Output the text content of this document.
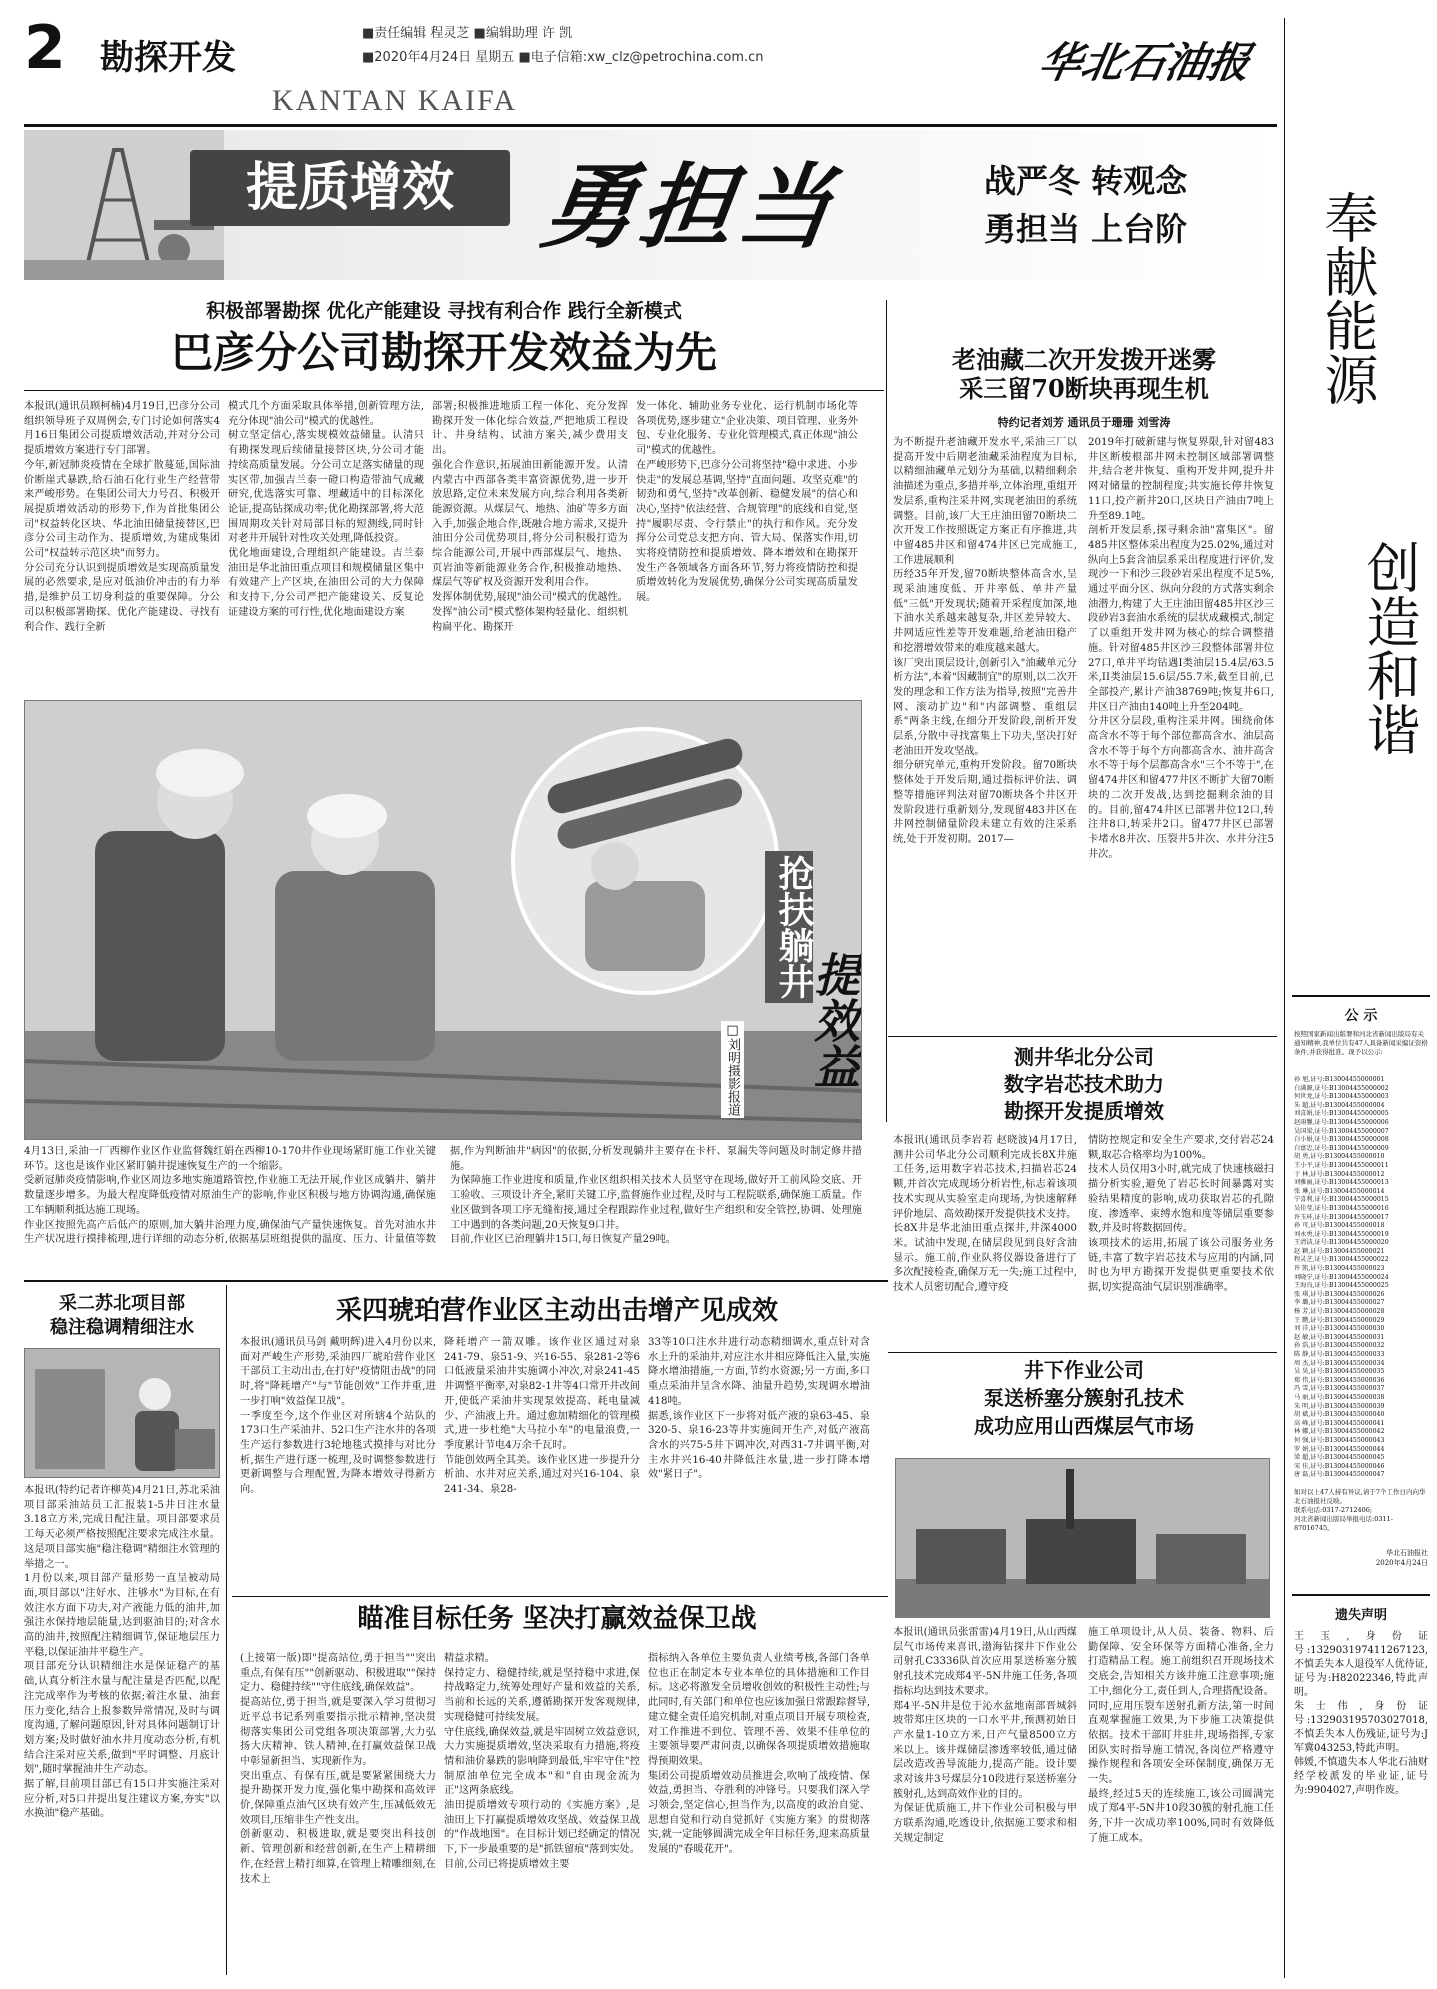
2 勘探开发
KANTAN KAIFA
■责任编辑 程灵芝 ■编辑助理 许 凯
■2020年4月24日 星期五 ■电子信箱:xw_clz@petrochina.com.cn	华北石油报
提质增效 勇担当	战严冬 转观念
勇担当 上台阶
积极部署勘探 优化产能建设 寻找有利合作 践行全新模式
巴彦分公司勘探开发效益为先
本报讯(通讯员顾柯楠)4月19日,巴彦分公司组织领导班子双周例会,专门讨论如何落实4月16日集团公司提质增效活动,并对分公司提质增效方案进行专门部署。
今年,新冠肺炎疫情在全球扩散蔓延,国际油价断崖式暴跌,给石油石化行业生产经营带来严峻形势。在集团公司大力号召、积极开展提质增效活动的形势下,作为首批集团公司"权益转化区块、华北油田储量接替区,巴彦分公司主动作为、提质增效,为建成集团公司"权益转示范区块"而努力。
分公司充分认识到提质增效是实现高质量发展的必然要求,是应对低油价冲击的有力举措,是维护员工切身利益的重要保障。分公司以积极部署勘探、优化产能建设、寻找有利合作、践行全新
模式几个方面采取具体举措,创新管理方法,充分体现"油公司"模式的优越性。
树立坚定信心,落实规模效益储量。认清只有勘探发现后续储量接替区块,分公司才能持续高质量发展。分公司立足落实储量的现实区带,加强吉兰泰一磴口构造带油气成藏研究,优选落实可靠、埋藏适中的目标深化论证,提高钻探成功率;优化勘探部署,将大范围周期攻关针对局部目标的短测线,同时针对老井开展针对性攻关处理,降低投资。
优化地面建设,合理组织产能建设。吉兰泰油田是华北油田重点项目和规模储量区集中有效建产上产区块,在油田公司的大力保障和支持下,分公司严把产能建设关、反复论证建设方案的可行性,优化地面建设方案
部署;积极推进地质工程一体化、充分发挥勘探开发一体化综合效益,严把地质工程设计、井身结构、试油方案关,减少费用支出。
强化合作意识,拓展油田新能源开发。认清内蒙古中西部各类丰富资源优势,进一步开放思路,定位未来发展方向,综合利用各类新能源资源。从煤层气、地热、油矿等多方面入手,加强企地合作,既融合地方需求,又提升油田分公司优势项目,将分公司积极打造为综合能源公司,开展中西部煤层气、地热、页岩油等新能源业务合作,积极推动地热、煤层气等矿权及资源开发利用合作。
发挥体制优势,展现"油公司"模式的优越性。发挥"油公司"模式整体架构轻量化、组织机构扁平化、勘探开
发一体化、辅助业务专业化、运行机制市场化等各项优势,逐步建立"企业决策、项目管理、业务外包、专业化服务、专业化管理模式,真正体现"油公司"模式的优越性。
在严峻形势下,巴彦分公司将坚持"稳中求进、小步快走"的发展总基调,坚持"直面问题、攻坚克难"的韧劲和勇气,坚持"改革创新、稳健发展"的信心和决心,坚持"依法经营、合规管理"的底线和自觉,坚持"履职尽责、令行禁止"的执行和作风。充分发挥分公司党总支把方向、管大局、保落实作用,切实将疫情防控和提质增效、降本增效和在勘探开发生产各领域各方面各环节,努力将疫情防控和提质增效转化为发展优势,确保分公司实现高质量发展。
老油藏二次开发拨开迷雾
采三留70断块再现生机
特约记者刘芳 通讯员于珊珊 刘雪涛
为不断提升老油藏开发水平,采油三厂以提高开发中后期老油藏采油程度为目标,以精细油藏单元划分为基础,以精细剩余油描述为重点,多措并举,立体治理,重组开发层系,重构注采井网,实现老油田的系统调整。目前,该厂大王庄油田留70断块二次开发工作按照既定方案正有序推进,共中留485井区和留474井区已完成施工,工作进展顺利
历经35年开发,留70断块整体高含水,呈现采油速度低、开井率低、单井产量低"三低"开发现状;随着开采程度加深,地下油水关系越来越复杂,井区差异较大、井网适应性差等开发难题,给老油田稳产和挖潜增效带来的难度越来越大。
该厂突出顶层设计,创新引入"油藏单元分析方法",本着"因藏制宜"的原则,以二次开发的理念和工作方法为指导,按照"完善井网、滚动扩边"和"内部调整、重组层系"两条主线,在细分开发阶段,剖析开发层系,分散中寻找富集上下功夫,坚决打好老油田开发攻坚战。
细分研究单元,重构开发阶段。留70断块整体处于开发后期,通过指标评价法、调整等措施评判法对留70断块各个井区开发阶段进行重新划分,发现留483井区在井网控制储量阶段未建立有效的注采系统,处于开发初期。2017—
2019年打破新建与恢复界限,针对留483井区断梭根部井网未控制区域部署调整井,结合老井恢复、重构开发井网,提升井网对储量的控制程度;共实施长停井恢复11口,投产新井20口,区块日产油由7吨上升至89.1吨。
剖析开发层系,探寻剩余油"富集区"。留485井区整体采出程度为25.02%,通过对纵向上5套含油层系采出程度进行评价,发现沙一下和沙三段砂岩采出程度不足5%,通过平面分区、纵向分段的方式落实剩余油潜力,构建了大王庄油田留485井区沙三段砂岩3套油水系统的层状成藏模式,制定了以重组开发井网为核心的综合调整措施。针对留485井区沙三段整体部署井位27口,单井平均钻遇I类油层15.4层/63.5米,II类油层15.6层/55.7米,截至目前,已全部投产,累计产油38769吨;恢复井6口,井区日产油由140吨上升至204吨。
分井区分层段,重构注采井网。围绕俞体高含水不等于每个部位都高含水、油层高含水不等于每个方向都高含水、油井高含水不等于每个层都高含水"三个不等于",在留474井区和留477井区不断扩大留70断块的二次开发战,达到挖掘剩余油的目的。目前,留474井区已部署井位12口,转注井8口,转采井2口。留477井区已部署卡堵水8井次、压裂井5井次、水井分注5井次。
抢扶躺井
提效益
□刘明摄影报道
4月13日,采油一厂西柳作业区作业监督魏红娟在西柳10-170井作业现场紧盯施工作业关键环节。这也是该作业区紧盯躺井提速恢复生产的一个缩影。
受新冠肺炎疫情影响,作业区周边多地实施道路管控,作业施工无法开展,作业区成躺井、躺井数量逐步增多。为最大程度降低疫情对原油生产的影响,作业区积极与地方协调沟通,确保施工车辆顺利抵达施工现场。
作业区按照先高产后低产的原则,加大躺井治理力度,确保油气产量快速恢复。首先对油水井生产状况进行摸排梳理,进行详细的动态分析,依据基层班组提供的温度、压力、计量值等数据,作为判断油井"病因"的依据,分析发现躺井主要存在卡杆、泵漏失等问题及时制定修井措施。
为保障施工作业进度和质量,作业区组织相关技术人员坚守在现场,做好开工前风险交底、开工验收、三项设计齐全,紧盯关键工序,监督施作业过程,及时与工程院联系,确保施工质量。作业区做到各项工序无缝衔接,通过全程跟踪作业过程,做好生产组织和安全管控,协调、处理施工中遇到的各类问题,20天恢复9口井。
目前,作业区已治理躺井15口,每日恢复产量29吨。
测井华北分公司
数字岩芯技术助力
勘探开发提质增效
本报讯(通讯员李岩若 赵晓波)4月17日,测井公司华北分公司顺利完成长8X井施工任务,运用数字岩芯技术,扫描岩芯24颗,并首次完成现场分析岩性,标志着该项技术实现从实验室走向现场,为快速解释评价地层、高效勘探开发提供技术支持。
长8X井是华北油田重点探井,井深4000米。试油中发现,在储层段见到良好含油显示。施工前,作业队将仪器设备进行了多次配接检查,确保万无一失;施工过程中,技术人员密切配合,遵守疫
情防控规定和安全生产要求,交付岩芯24颗,取芯合格率均为100%。
技术人员仅用3小时,就完成了快速核磁扫描分析实验,避免了岩芯长时间暴露对实验结果精度的影响,成功获取岩芯的孔隙度、渗透率、束缚水饱和度等储层重要参数,并及时将数据回传。
该项技术的运用,拓展了该公司服务业务链,丰富了数字岩芯技术与应用的内涵,同时也为甲方勘探开发提供更重要技术依据,切实提高油气层识别准确率。
采二苏北项目部
稳注稳调精细注水
本报讯(特约记者许柳英)4月21日,苏北采油项目部采油站员工汇报装1-5井日注水量3.18立方米,完成日配注量。项目部要求员工每天必须严格按照配注要求完成注水量。这是项目部实施"稳注稳调"精细注水管理的举措之一。
1月份以来,项目部产量形势一直呈被动局面,项目部以"注好水、注够水"为目标,在有效注水方面下功夫,对产液能力低的油井,加强注水保持地层能量,达到驱油目的;对含水高的油井,按照配注精细调节,保证地层压力平稳,以保证油井平稳生产。
项目部充分认识精细注水是保证稳产的基础,认真分析注水量与配注量是否匹配,以配注完成率作为考核的依据;着注水量、油套压力变化,结合上报参数异常情况,及时与调度沟通,了解问题原因,针对具体问题制订计划方案;及时做好油水井月度动态分析,有机结合注采对应关系,做到"平时调整、月底计划",随时掌握油井生产动态。
据了解,目前项目部已有15口井实施注采对应分析,对5口井提出复注建议方案,夯实"以水换油"稳产基础。
采四琥珀营作业区主动出击增产见成效
本报讯(通讯员马剑 戴明辉)进入4月份以来,面对严峻生产形势,采油四厂琥珀营作业区干部员工主动出击,在打好"疫情阻击战"的同时,将"降耗增产"与"节能创效"工作并重,进一步打响"效益保卫战"。
一季度至今,这个作业区对所辖4个站队的173口生产采油井、52口生产注水井的各项生产运行参数进行3轮地毯式摸排与对比分析,据生产进行逐一梳理,及时调整参数进行更新调整与合理配置,为降本增效寻得新方向。
降耗增产一箭双雕。该作业区通过对泉241-79、泉51-9、兴16-55、泉281-2等6口低液量采油井实施调小冲次,对泉241-45井调整平衡率,对泉82-1井等4口常开井改间开,使低产采油井实现泵效提高、耗电量减少、产油液上升。通过愈加精细化的管理模式,进一步杜绝"大马拉小车"的电量浪费,一季度累计节电4万余千瓦时。
节能创效两全其美。该作业区进一步提升分析油、水井对应关系,通过对兴16-104、泉241-34、泉28-
33等10口注水井进行动态精细调水,重点针对含水上升的采油井,对应注水井相应降低注入量,实施降水增油措施,一方面,节约水资源;另一方面,多口重点采油井呈含水降、油量升趋势,实现调水增油418吨。
据悉,该作业区下一步将对低产液的泉63-45、泉320-5、泉16-23等井实施间开生产,对低产液高含水的兴75-5井下调冲次,对西31-7井调平衡,对主水井兴16-40井降低注水量,进一步打降本增效"紧日子"。
瞄准目标任务 坚决打赢效益保卫战
(上接第一版)即"提高站位,勇于担当""突出重点,有保有压""创新驱动、积极进取""保持定力、稳健持续""守住底线,确保效益"。
提高站位,勇于担当,就是要深入学习贯彻习近平总书记系列重要指示批示精神,坚决贯彻落实集团公司党组各项决策部署,大力弘扬大庆精神、铁人精神,在打赢效益保卫战中彰显新担当、实现新作为。
突出重点、有保有压,就是要紧紧围绕大力提升勘探开发力度,强化集中勘探和高效评价,保障重点油气区块有效产生,压减低效无效项目,压缩非生产性支出。
创新驱动、积极进取,就是要突出科技创新、管理创新和经营创新,在生产上精耕细作,在经营上精打细算,在管理上精雕细刻,在技术上
精益求精。
保持定力、稳健持续,就是坚持稳中求进,保持战略定力,统筹处理好产量和效益的关系,当前和长远的关系,遵循勘探开发客观规律,实现稳健可持续发展。
守住底线,确保效益,就是牢固树立效益意识,大力实施提质增效,坚决采取有力措施,将疫情和油价暴跌的影响降到最低,牢牢守住"控制原油单位完全成本"和"自由现金流为正"这两条底线。
油田提质增效专项行动的《实施方案》,是油田上下打赢提质增效攻坚战、效益保卫战的"作战地图"。在目标计划已经确定的情况下,下一步最重要的是"抓铁留痕"落到实处。
目前,公司已将提质增效主要
指标纳入各单位主要负责人业绩考核,各部门各单位也正在制定本专业本单位的具体措施和工作目标。这必将激发全员增收创效的积极性主动性;与此同时,有关部门和单位也应该加强日常跟踪督导,建立健全责任追究机制,对重点项目开展专项检查,对工作推进不到位、管理不善、效果不佳单位的主要领导要严肃问责,以确保各项提质增效措施取得预期效果。
集团公司提质增效动员推进会,吹响了战疫情、保效益,勇担当、夺胜利的冲锋号。只要我们深入学习领会,坚定信心,担当作为,以高度的政治自觉、思想自觉和行动自觉抓好《实施方案》的贯彻落实,就一定能够圆满完成全年目标任务,迎来高质量发展的"春暖花开"。
井下作业公司
泵送桥塞分簇射孔技术
成功应用山西煤层气市场
本报讯(通讯员张雷雷)4月19日,从山西煤层气市场传来喜讯,渤海钻探井下作业公司射孔C3336队首次应用泵送桥塞分簇射孔技术完成郑4平-5N井施工任务,各项指标均达到技术要求。
郑4平-5N井是位于沁水盆地南部晋城斜坡带郑庄区块的一口水平井,预测初始日产水量1-10立方米,日产气量8500立方米以上。该井煤储层渗透率较低,通过储层改造改善导流能力,提高产能。设计要求对该井3号煤层分10段进行泵送桥塞分簇射孔,达到高效作业的目的。
为保证优质施工,井下作业公司积极与甲方联系沟通,吃透设计,依据施工要求和相关规定制定
施工单项设计,从人员、装备、物料、后勤保障、安全环保等方面精心准备,全力打造精品工程。施工前组织召开现场技术交底会,告知相关方该井施工注意事项;施工中,细化分工,责任到人,合理搭配设备。同时,应用压裂车送射孔新方法,第一时间直观掌握施工效果,为下步施工决策提供依据。技术干部盯井驻井,现场指挥,专家团队实时指导施工情况,各岗位严格遵守操作规程和各项安全环保制度,确保万无一失。
最终,经过5天的连续施工,该公司圆满完成了郑4平-5N井10段30簇的射孔施工任务,下井一次成功率100%,同时有效降低了施工成本。
奉献能源
创造和谐
公 示
按照国家新闻出版署和河北省新闻出版局有关通知精神,我单位共有47人具备新闻采编证资格条件,并获得批准。现予以公示:
孙 旭,证号:B13004455000001
白满源,证号:B13004455000002
何世龙,证号:B13004455000003
朱 超,证号:B13004455000004
刘喜娟,证号:B13004455000005
赵雨馨,证号:B13004455000006
吴国梁,证号:B13004455000007
白小娟,证号:B13004455000008
白富忠,证号:B13004455000009
胡 勇,证号:B13004455000010
王小平,证号:B13004455000011
于 林,证号:B13004455000012
刘雅丽,证号:B13004455000013
张 琳,证号:B13004455000014
宁喜利,证号:B13004455000015
吴佳莹,证号:B13004455000016
许玉环,证号:B13004455000017
孙 可,证号:B13004455000018
刘永勇,证号:B13004455000019
王清洁,证号:B13004455000020
赵 颖,证号:B13004455000021
程灵芝,证号:B13004455000022
许 凯,证号:B13004455000023
刘晓宁,证号:B13004455000024
王海良,证号:B13004455000025
张 琪,证号:B13004455000026
李 璐,证号:B13004455000027
杨 芳,证号:B13004455000028
王 鹏,证号:B13004455000029
刘 洋,证号:B13004455000030
赵 敏,证号:B13004455000031
孙 浩,证号:B13004455000032
陈 静,证号:B13004455000033
周 杰,证号:B13004455000034
吴 昊,证号:B13004455000035
郑 伟,证号:B13004455000036
冯 雪,证号:B13004455000037
马 丽,证号:B13004455000038
朱 明,证号:B13004455000039
胡 斌,证号:B13004455000040
高 峰,证号:B13004455000041
林 娜,证号:B13004455000042
何 强,证号:B13004455000043
罗 娟,证号:B13004455000044
梁 超,证号:B13004455000045
宋 佳,证号:B13004455000046
唐 磊,证号:B13004455000047
如对以上47人持有异议,请于7个工作日内向华北石油报社反映。
联系电话:0317-2712406;
河北省新闻出版局举报电话:0311-87016745。
华北石油报社
2020年4月24日
遗失声明
王玉,身份证号:132903197411267123,不慎丢失本人退役军人优待证,证号为:H82022346,特此声明。
朱士伟,身份证号:132903195703027018,不慎丢失本人伤残证,证号为:J军冀043253,特此声明。
韩媛,不慎遗失本人华北石油财经学校派发的毕业证,证号为:9904027,声明作废。
